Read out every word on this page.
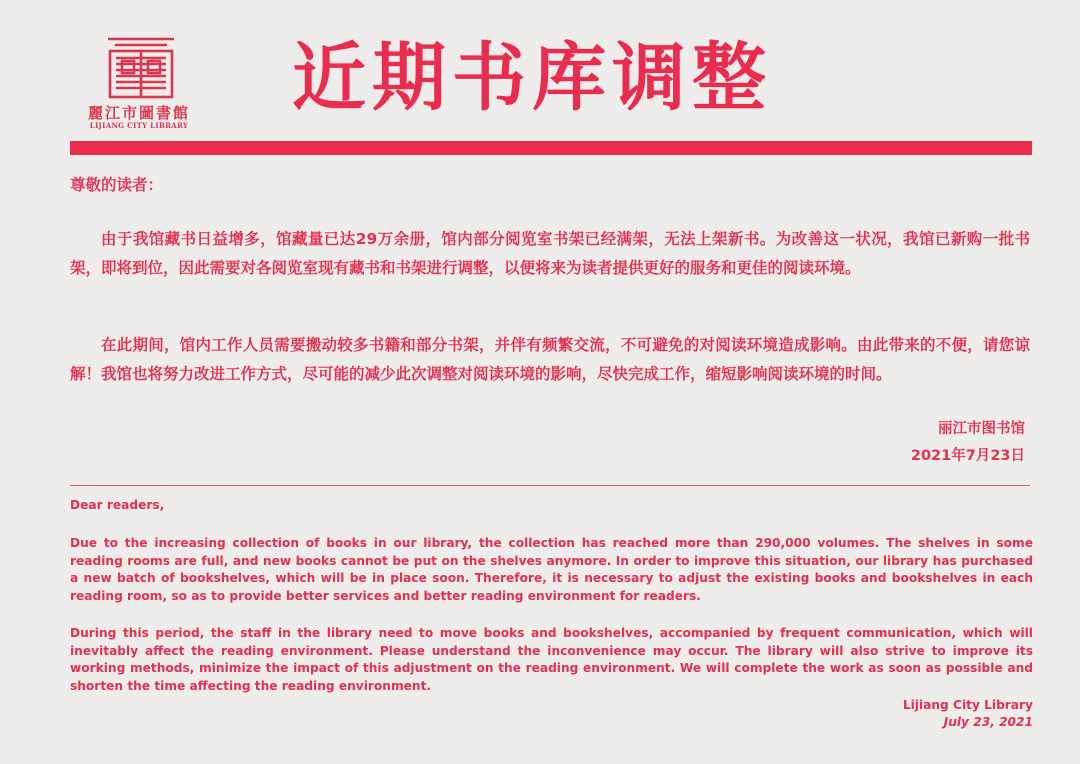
麗江市圖書館
LIJIANG CITY LIBRARY
近期书库调整
尊敬的读者：
由于我馆藏书日益增多，馆藏量已达29万余册，馆内部分阅览室书架已经满架，无法上架新书。为改善这一状况，我馆已新购一批书架，即将到位，因此需要对各阅览室现有藏书和书架进行调整，以便将来为读者提供更好的服务和更佳的阅读环境。
在此期间，馆内工作人员需要搬动较多书籍和部分书架，并伴有频繁交流，不可避免的对阅读环境造成影响。由此带来的不便，请您谅解！我馆也将努力改进工作方式，尽可能的减少此次调整对阅读环境的影响，尽快完成工作，缩短影响阅读环境的时间。
丽江市图书馆
2021年7月23日
Dear readers,
Due to the increasing collection of books in our library, the collection has reached more than 290,000 volumes. The shelves in some reading rooms are full, and new books cannot be put on the shelves anymore. In order to improve this situation, our library has purchased a new batch of bookshelves, which will be in place soon. Therefore, it is necessary to adjust the existing books and bookshelves in each reading room, so as to provide better services and better reading environment for readers.
During this period, the staff in the library need to move books and bookshelves, accompanied by frequent communication, which will inevitably affect the reading environment. Please understand the inconvenience may occur. The library will also strive to improve its working methods, minimize the impact of this adjustment on the reading environment. We will complete the work as soon as possible and shorten the time affecting the reading environment.
Lijiang City Library
July 23, 2021
